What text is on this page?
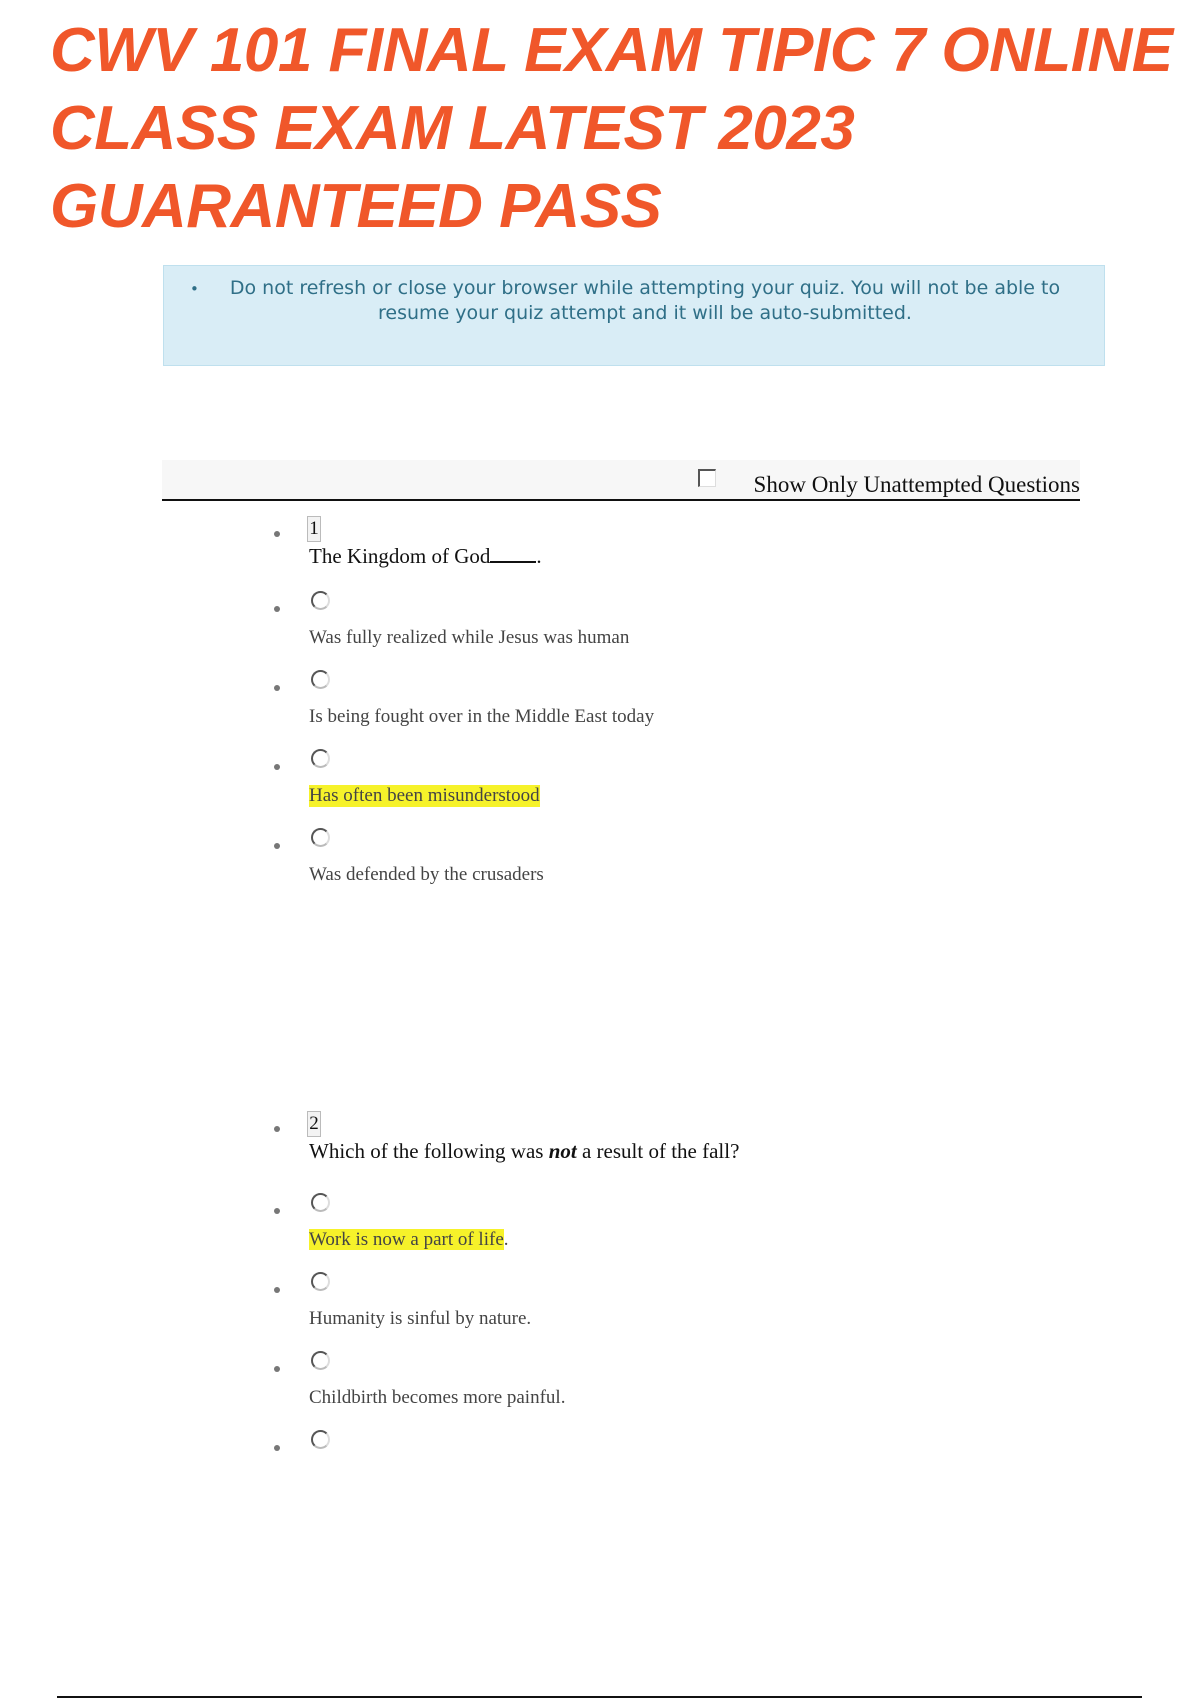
CWV 101 FINAL EXAM TIPIC 7 ONLINE
CLASS EXAM LATEST 2023
GUARANTEED PASS
•	Do not refresh or close your browser while attempting your quiz. You will not be able to resume your quiz attempt and it will be auto-submitted.
Show Only Unattempted Questions
1
The Kingdom of God .
Was fully realized while Jesus was human
Is being fought over in the Middle East today
Has often been misunderstood
Was defended by the crusaders
2
Which of the following was not a result of the fall?
Work is now a part of life.
Humanity is sinful by nature.
Childbirth becomes more painful.
